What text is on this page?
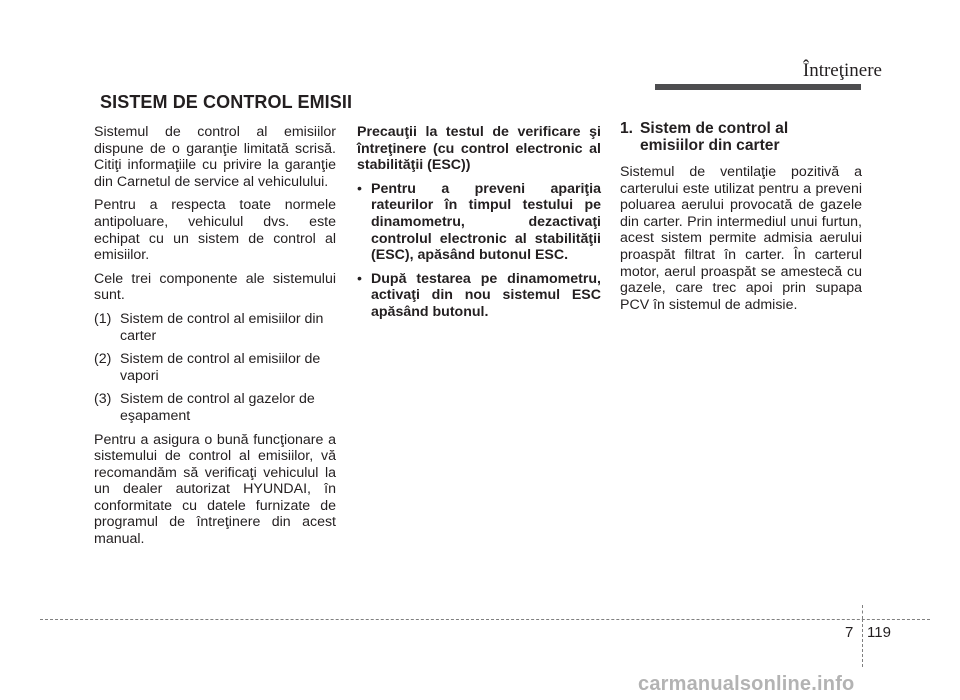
Întreţinere
SISTEM DE CONTROL EMISII

Sistemul de control al emisiilor dispune de o garanţie limitată scrisă. Citiţi informaţiile cu privire la garanţie din Carnetul de service al vehiculului.

Pentru a respecta toate normele antipoluare, vehiculul dvs. este echipat cu un sistem de control al emisiilor.

Cele trei componente ale sistemului sunt.

(1) Sistem de control al emisiilor din carter
(2) Sistem de control al emisiilor de vapori
(3) Sistem de control al gazelor de eşapament

Pentru a asigura o bună funcţionare a sistemului de control al emisiilor, vă recomandăm să verificaţi vehiculul la un dealer autorizat HYUNDAI, în conformitate cu datele furnizate de programul de întreţinere din acest manual.

Precauţii la testul de verificare şi întreţinere (cu control electronic al stabilităţii (ESC))

• Pentru a preveni apariţia rateurilor în timpul testului pe dinamometru, dezactivaţi controlul electronic al stabilităţii (ESC), apăsând butonul ESC.
• După testarea pe dinamometru, activaţi din nou sistemul ESC apăsând butonul.
1. Sistem de control al
emisiilor din carter

Sistemul de ventilaţie pozitivă a carterului este utilizat pentru a preveni poluarea aerului provocată de gazele din carter. Prin intermediul unui furtun, acest sistem permite admisia aerului proaspăt filtrat în carter. În carterul motor, aerul proaspăt se amestecă cu gazele, care trec apoi prin supapa PCV în sistemul de admisie.

7 119
carmanualsonline.info
